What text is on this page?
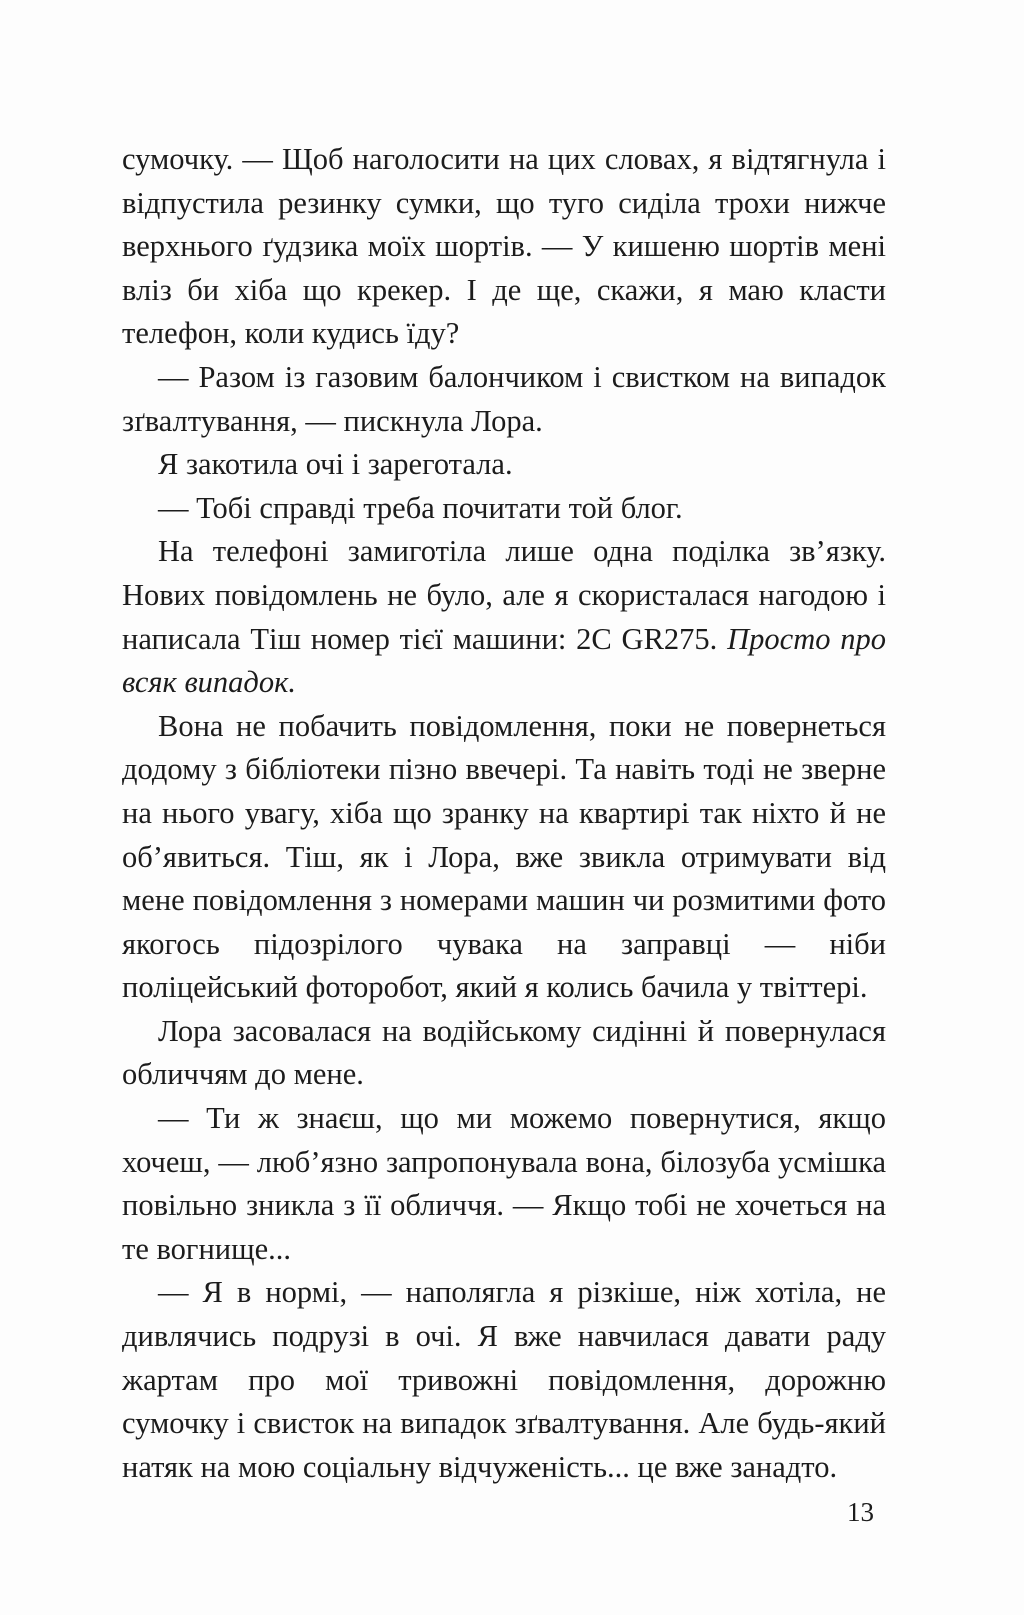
сумочку. — Щоб наголосити на цих словах, я відтягнула і відпустила резинку сумки, що туго сиділа трохи нижче верхнього ґудзика моїх шортів. — У кишеню шортів мені вліз би хіба що крекер. І де ще, скажи, я маю класти телефон, коли кудись їду?

— Разом із газовим балончиком і свистком на випадок зґвалтування, — пискнула Лора.

Я закотила очі і зареготала.

— Тобі справді треба почитати той блог.

На телефоні замиготіла лише одна поділка зв’язку. Нових повідомлень не було, але я скористалася нагодою і написала Тіш номер тієї машини: 2C GR275. Просто про всяк випадок.

Вона не побачить повідомлення, поки не повернеться додому з бібліотеки пізно ввечері. Та навіть тоді не зверне на нього увагу, хіба що зранку на квартирі так ніхто й не об’явиться. Тіш, як і Лора, вже звикла отримувати від мене повідомлення з номерами машин чи розмитими фото якогось підозрілого чувака на заправці — ніби поліцейський фоторобот, який я колись бачила у твіттері.

Лора засовалася на водійському сидінні й повернулася обличчям до мене.

— Ти ж знаєш, що ми можемо повернутися, якщо хочеш, — люб’язно запропонувала вона, білозуба усмішка повільно зникла з її обличчя. — Якщо тобі не хочеться на те вогнище...

— Я в нормі, — наполягла я різкіше, ніж хотіла, не дивлячись подрузі в очі. Я вже навчилася давати раду жартам про мої тривожні повідомлення, дорожню сумочку і свисток на випадок зґвалтування. Але будь-який натяк на мою соціальну відчуженість... це вже занадто.

13
